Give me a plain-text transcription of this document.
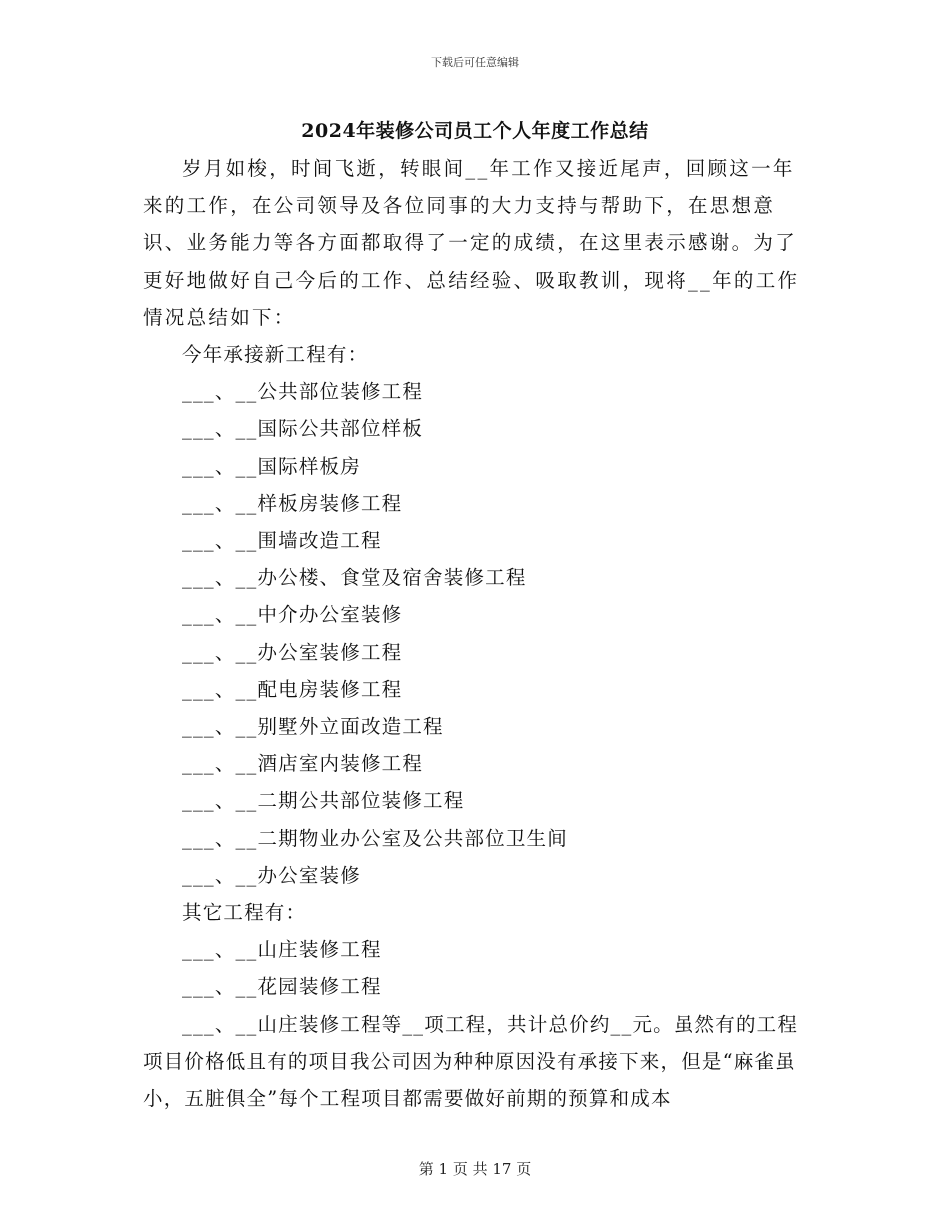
下载后可任意编辑
2024年装修公司员工个人年度工作总结

岁月如梭，时间飞逝，转眼间__年工作又接近尾声，回顾这一年来的工作，在公司领导及各位同事的大力支持与帮助下，在思想意识、业务能力等各方面都取得了一定的成绩，在这里表示感谢。为了更好地做好自己今后的工作、总结经验、吸取教训，现将__年的工作情况总结如下：

今年承接新工程有：

___、__公共部位装修工程

___、__国际公共部位样板

___、__国际样板房

___、__样板房装修工程

___、__围墙改造工程

___、__办公楼、食堂及宿舍装修工程

___、__中介办公室装修

___、__办公室装修工程

___、__配电房装修工程

___、__别墅外立面改造工程

___、__酒店室内装修工程

___、__二期公共部位装修工程

___、__二期物业办公室及公共部位卫生间

___、__办公室装修

其它工程有：

___、__山庄装修工程

___、__花园装修工程

___、__山庄装修工程等__项工程，共计总价约__元。虽然有的工程项目价格低且有的项目我公司因为种种原因没有承接下来，但是“麻雀虽小，五脏俱全”每个工程项目都需要做好前期的预算和成本

第 1 页 共 17 页
